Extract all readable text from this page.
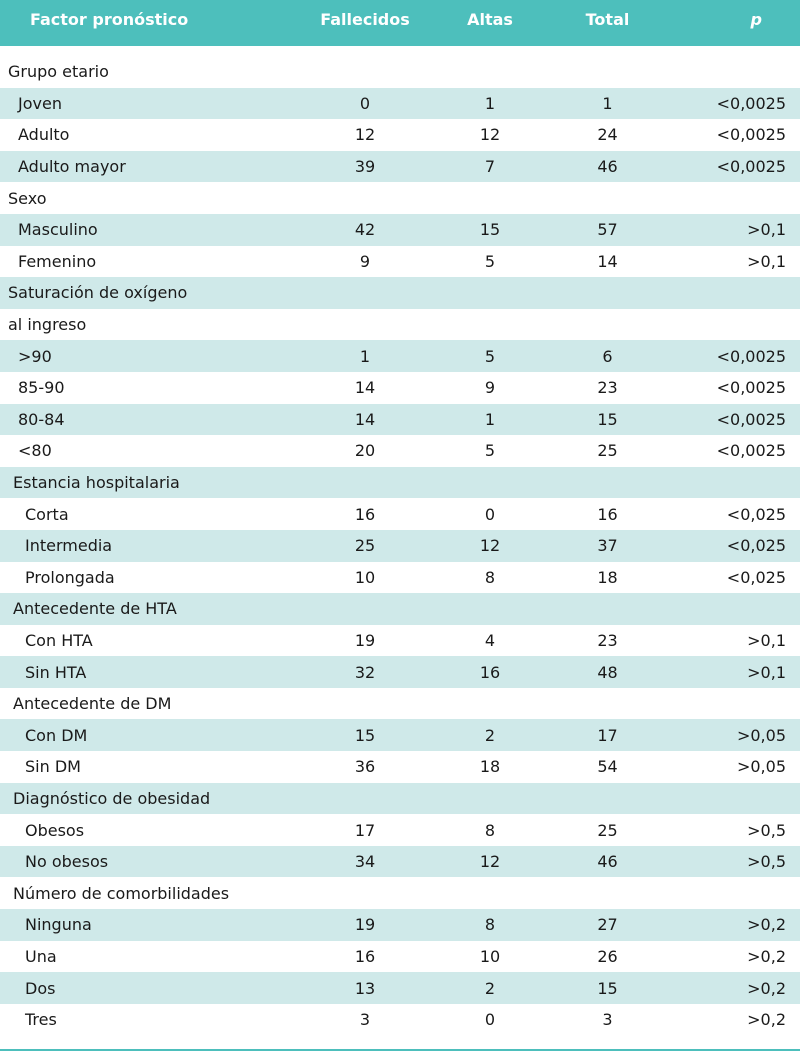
Factor pronóstico	Fallecidos	Altas	Total	p

Grupo etario				
Joven	0	1	1	<0,0025
Adulto	12	12	24	<0,0025
Adulto mayor	39	7	46	<0,0025
Sexo				
Masculino	42	15	57	>0,1
Femenino	9	5	14	>0,1
Saturación de oxígeno				
al ingreso				
>90	1	5	6	<0,0025
85-90	14	9	23	<0,0025
80-84	14	1	15	<0,0025
<80	20	5	25	<0,0025
Estancia hospitalaria				
Corta	16	0	16	<0,025
Intermedia	25	12	37	<0,025
Prolongada	10	8	18	<0,025
Antecedente de HTA				
Con HTA	19	4	23	>0,1
Sin HTA	32	16	48	>0,1
Antecedente de DM				
Con DM	15	2	17	>0,05
Sin DM	36	18	54	>0,05
Diagnóstico de obesidad				
Obesos	17	8	25	>0,5
No obesos	34	12	46	>0,5
Número de comorbilidades				
Ninguna	19	8	27	>0,2
Una	16	10	26	>0,2
Dos	13	2	15	>0,2
Tres	3	0	3	>0,2
